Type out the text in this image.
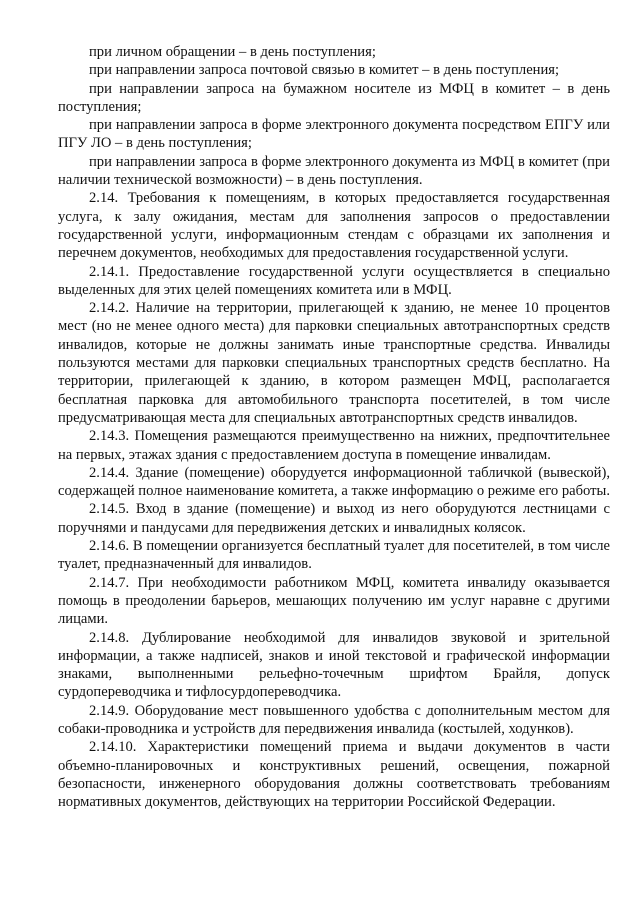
при личном обращении – в день поступления;

при направлении запроса почтовой связью в комитет – в день поступления;

при направлении запроса на бумажном носителе из МФЦ в комитет – в день поступления;

при направлении запроса в форме электронного документа посредством ЕПГУ или ПГУ ЛО – в день поступления;

при направлении запроса в форме электронного документа из МФЦ в комитет (при наличии технической возможности) – в день поступления.

2.14. Требования к помещениям, в которых предоставляется государственная услуга, к залу ожидания, местам для заполнения запросов о предоставлении государственной услуги, информационным стендам с образцами их заполнения и перечнем документов, необходимых для предоставления государственной услуги.

2.14.1. Предоставление государственной услуги осуществляется в специально выделенных для этих целей помещениях комитета или в МФЦ.

2.14.2. Наличие на территории, прилегающей к зданию, не менее 10 процентов мест (но не менее одного места) для парковки специальных автотранспортных средств инвалидов, которые не должны занимать иные транспортные средства. Инвалиды пользуются местами для парковки специальных транспортных средств бесплатно. На территории, прилегающей к зданию, в котором размещен МФЦ, располагается бесплатная парковка для автомобильного транспорта посетителей, в том числе предусматривающая места для специальных автотранспортных средств инвалидов.

2.14.3. Помещения размещаются преимущественно на нижних, предпочтительнее на первых, этажах здания с предоставлением доступа в помещение инвалидам.

2.14.4. Здание (помещение) оборудуется информационной табличкой (вывеской), содержащей полное наименование комитета, а также информацию о режиме его работы.

2.14.5. Вход в здание (помещение) и выход из него оборудуются лестницами с поручнями и пандусами для передвижения детских и инвалидных колясок.

2.14.6. В помещении организуется бесплатный туалет для посетителей, в том числе туалет, предназначенный для инвалидов.

2.14.7. При необходимости работником МФЦ, комитета инвалиду оказывается помощь в преодолении барьеров, мешающих получению им услуг наравне с другими лицами.

2.14.8. Дублирование необходимой для инвалидов звуковой и зрительной информации, а также надписей, знаков и иной текстовой и графической информации знаками, выполненными рельефно-точечным шрифтом Брайля, допуск сурдопереводчика и тифлосурдопереводчика.

2.14.9. Оборудование мест повышенного удобства с дополнительным местом для собаки-проводника и устройств для передвижения инвалида (костылей, ходунков).

2.14.10. Характеристики помещений приема и выдачи документов в части объемно-планировочных и конструктивных решений, освещения, пожарной безопасности, инженерного оборудования должны соответствовать требованиям нормативных документов, действующих на территории Российской Федерации.
